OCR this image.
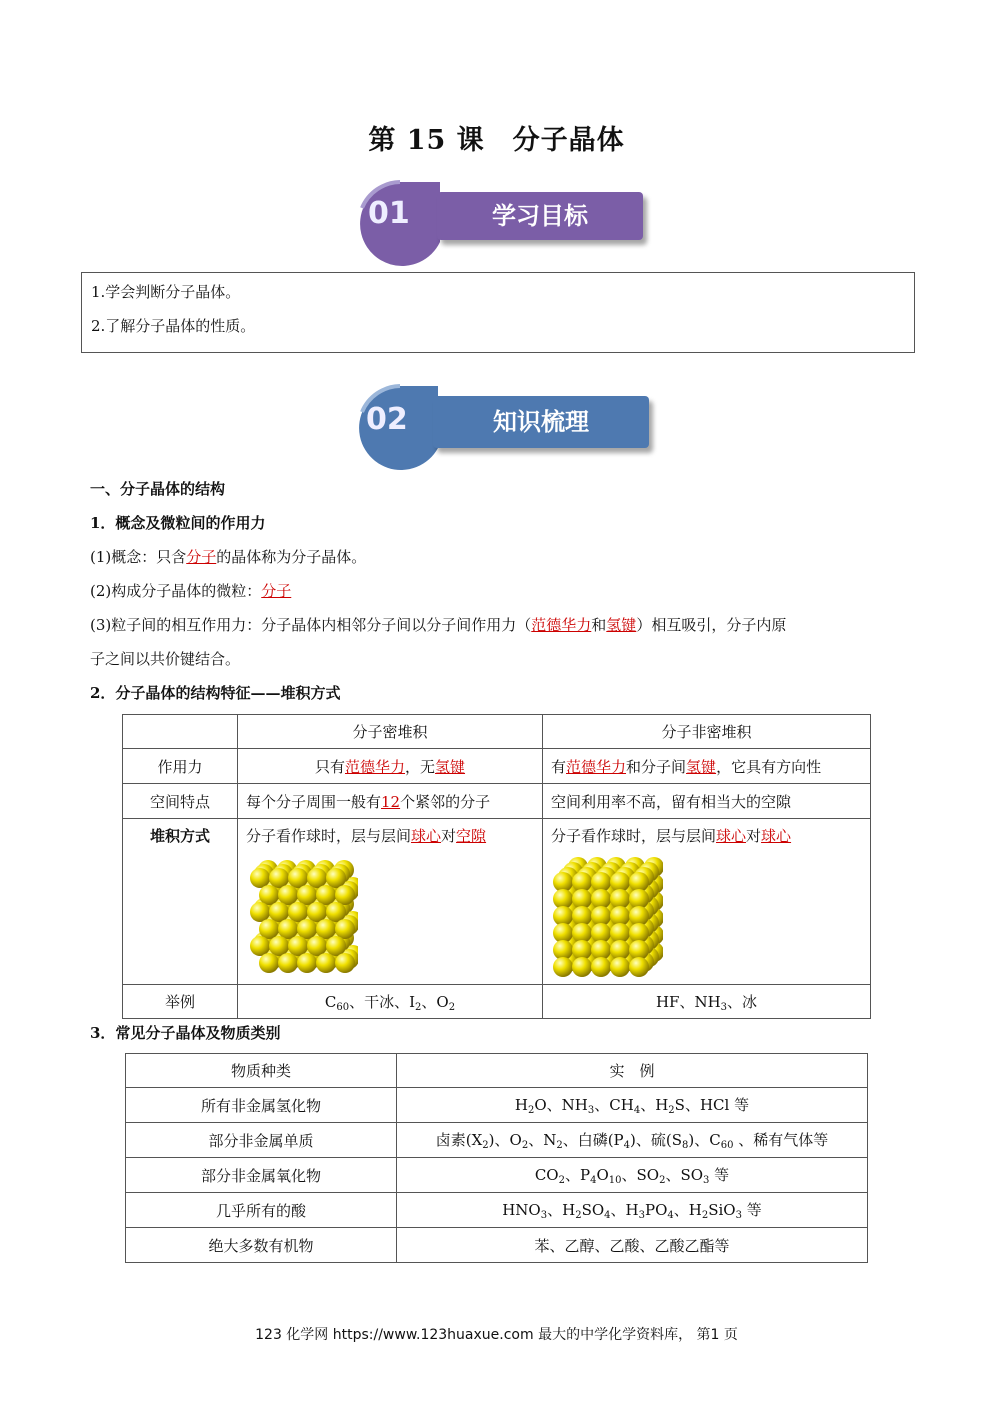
第 15 课　分子晶体
01	学习目标
1.学会判断分子晶体。
2.了解分子晶体的性质。
02	知识梳理
一、分子晶体的结构
1．概念及微粒间的作用力
(1)概念：只含分子的晶体称为分子晶体。
(2)构成分子晶体的微粒：分子
(3)粒子间的相互作用力：分子晶体内相邻分子间以分子间作用力（范德华力和氢键）相互吸引，分子内原
子之间以共价键结合。
2．分子晶体的结构特征——堆积方式
	分子密堆积	分子非密堆积
作用力	只有范德华力，无氢键	有范德华力和分子间氢键，它具有方向性
空间特点	每个分子周围一般有12个紧邻的分子	空间利用率不高，留有相当大的空隙
堆积方式	分子看作球时，层与层间球心对空隙	分子看作球时，层与层间球心对球心

举例	$C_{60}$、干冰、$I_2$、$O_2$	HF、$NH_3$、冰
3．常见分子晶体及物质类别
物质种类	实　例
所有非金属氢化物	$H_2O$、$NH_3$、$CH_4$、$H_2S$、HCl 等
部分非金属单质	卤素$(X_2)$、$O_2$、$N_2$、白磷$(P_4)$、硫$(S_8)$、$C_{60}$ 、稀有气体等
部分非金属氧化物	$CO_2$、$P_4O_{10}$、$SO_2$、$SO_3$ 等
几乎所有的酸	$HNO_3$、$H_2SO_4$、$H_3PO_4$、$H_2SiO_3$ 等
绝大多数有机物	苯、乙醇、乙酸、乙酸乙酯等
123 化学网 https://www.123huaxue.com 最大的中学化学资料库， 第1 页
